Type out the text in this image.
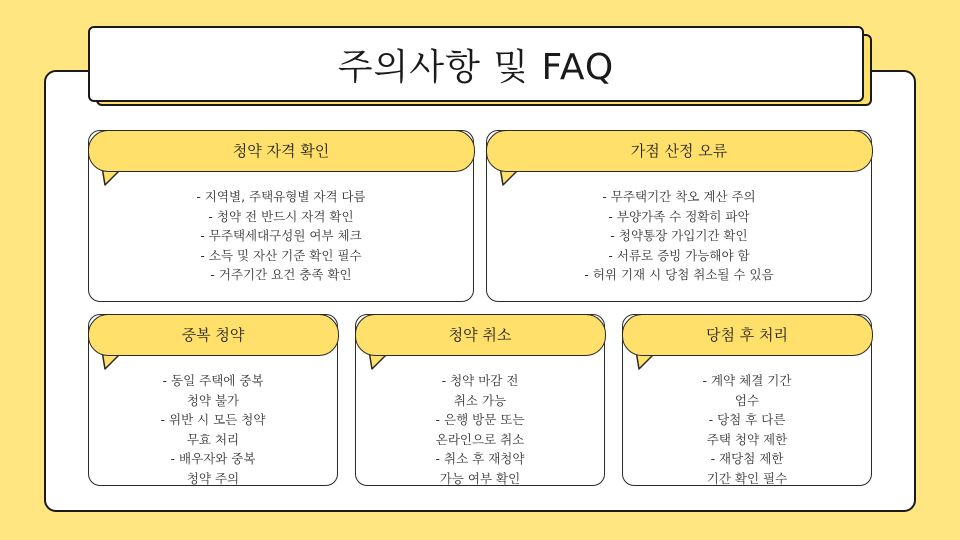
주의사항 및 FAQ
청약 자격 확인
- 지역별, 주택유형별 자격 다름
- 청약 전 반드시 자격 확인
- 무주택세대구성원 여부 체크
- 소득 및 자산 기준 확인 필수
- 거주기간 요건 충족 확인
가점 산정 오류
- 무주택기간 착오 계산 주의
- 부양가족 수 정확히 파악
- 청약통장 가입기간 확인
- 서류로 증빙 가능해야 함
- 허위 기재 시 당첨 취소될 수 있음
중복 청약
- 동일 주택에 중복
청약 불가
- 위반 시 모든 청약
무효 처리
- 배우자와 중복
청약 주의
청약 취소
- 청약 마감 전
취소 가능
- 은행 방문 또는
온라인으로 취소
- 취소 후 재청약
가능 여부 확인
당첨 후 처리
- 계약 체결 기간
엄수
- 당첨 후 다른
주택 청약 제한
- 재당첨 제한
기간 확인 필수
